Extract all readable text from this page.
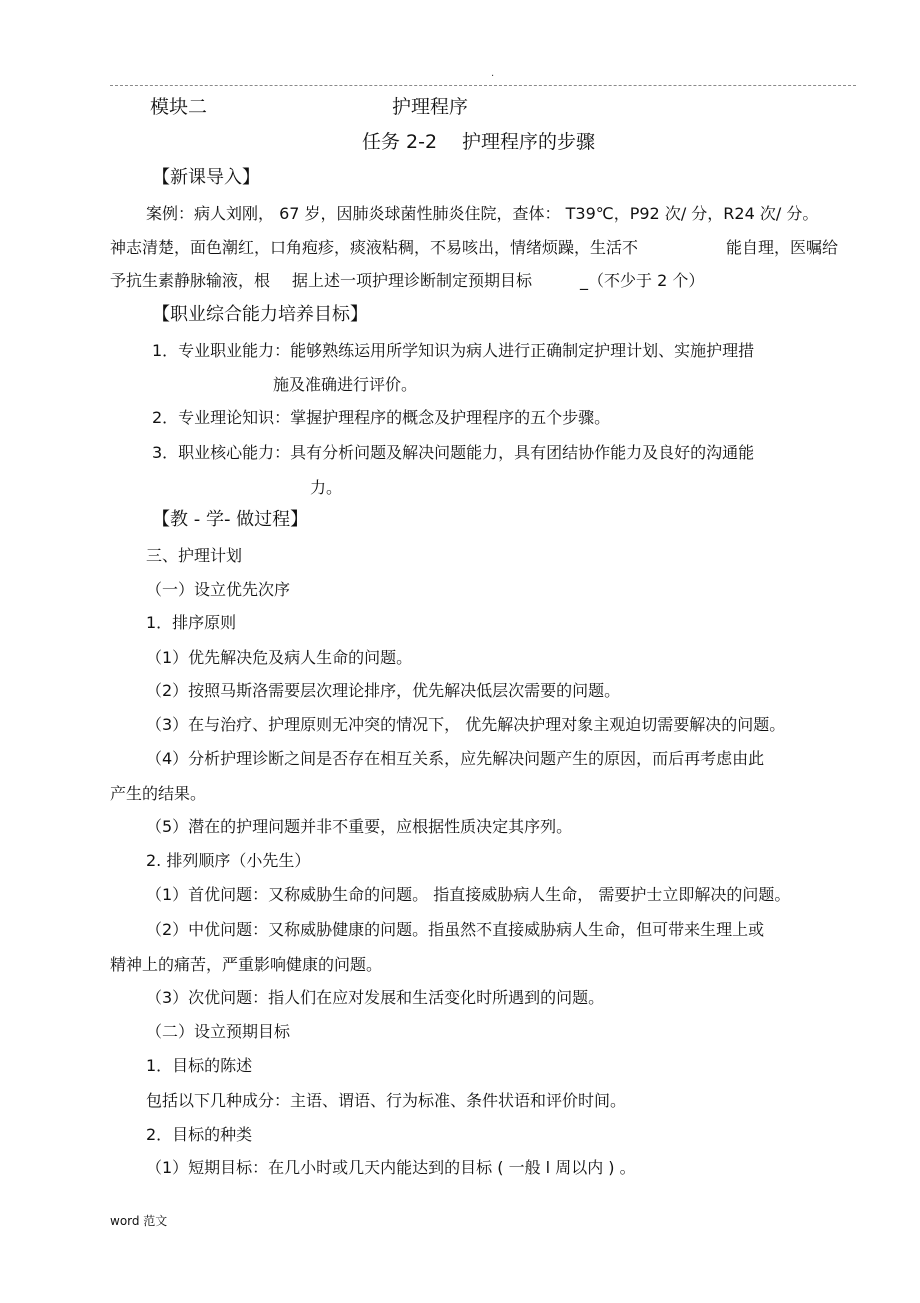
.
模块二	护理程序
任务 2-2 护理程序的步骤
【新课导入】
案例：病人刘刚， 67 岁，因肺炎球菌性肺炎住院，查体： T39℃，P92 次/ 分，R24 次/ 分。
神志清楚，面色潮红，口角疱疹，痰液粘稠，不易咳出，情绪烦躁，生活不	能自理，医嘱给
予抗生素静脉输液，根 据上述一项护理诊断制定预期目标	_（不少于 2 个）
【职业综合能力培养目标】
1．专业职业能力：能够熟练运用所学知识为病人进行正确制定护理计划、实施护理措
施及准确进行评价。
2．专业理论知识：掌握护理程序的概念及护理程序的五个步骤。
3．职业核心能力：具有分析问题及解决问题能力，具有团结协作能力及良好的沟通能
力。
【教 - 学- 做过程】
三、护理计划
（一）设立优先次序
1．排序原则
（1）优先解决危及病人生命的问题。
（2）按照马斯洛需要层次理论排序，优先解决低层次需要的问题。
（3）在与治疗、护理原则无冲突的情况下， 优先解决护理对象主观迫切需要解决的问题。
（4）分析护理诊断之间是否存在相互关系，应先解决问题产生的原因，而后再考虑由此
产生的结果。
（5）潜在的护理问题并非不重要，应根据性质决定其序列。
2. 排列顺序（小先生）
（1）首优问题：又称威胁生命的问题。 指直接威胁病人生命， 需要护士立即解决的问题。
（2）中优问题：又称威胁健康的问题。指虽然不直接威胁病人生命，但可带来生理上或
精神上的痛苦，严重影响健康的问题。
（3）次优问题：指人们在应对发展和生活变化时所遇到的问题。
（二）设立预期目标
1．目标的陈述
包括以下几种成分：主语、谓语、行为标准、条件状语和评价时间。
2．目标的种类
（1）短期目标：在几小时或几天内能达到的目标 ( 一般 l 周以内 ) 。
word 范文
